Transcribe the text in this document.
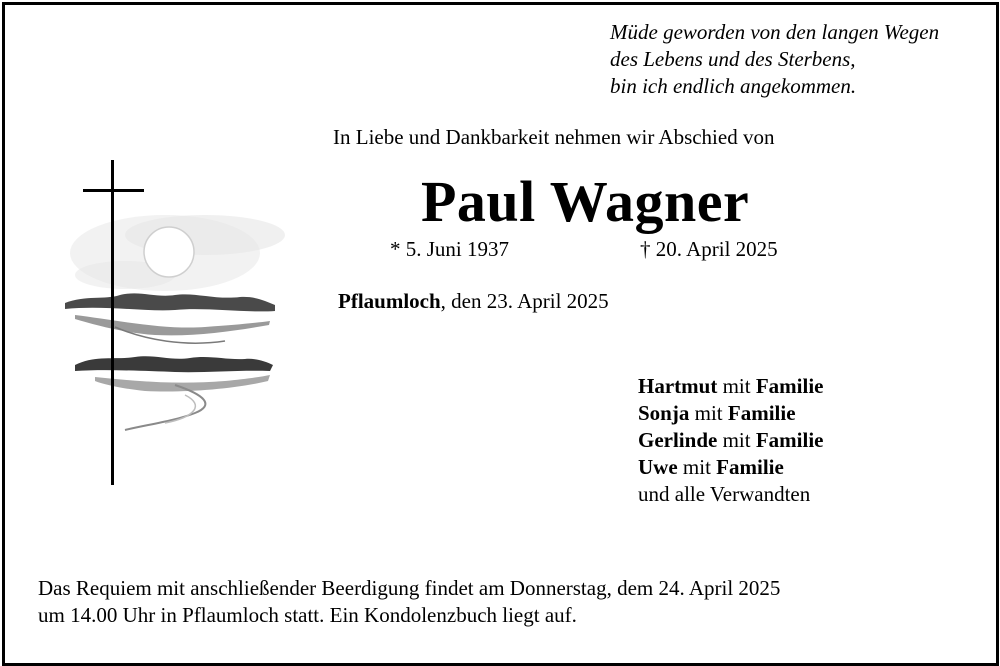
Müde geworden von den langen Wegen
des Lebens und des Sterbens,
bin ich endlich angekommen.
In Liebe und Dankbarkeit nehmen wir Abschied von
Paul Wagner
* 5. Juni 1937	† 20. April 2025
Pflaumloch, den 23. April 2025
Hartmut mit Familie
Sonja mit Familie
Gerlinde mit Familie
Uwe mit Familie
und alle Verwandten
Das Requiem mit anschließender Beerdigung findet am Donnerstag, dem 24. April 2025
um 14.00 Uhr in Pflaumloch statt. Ein Kondolenzbuch liegt auf.
